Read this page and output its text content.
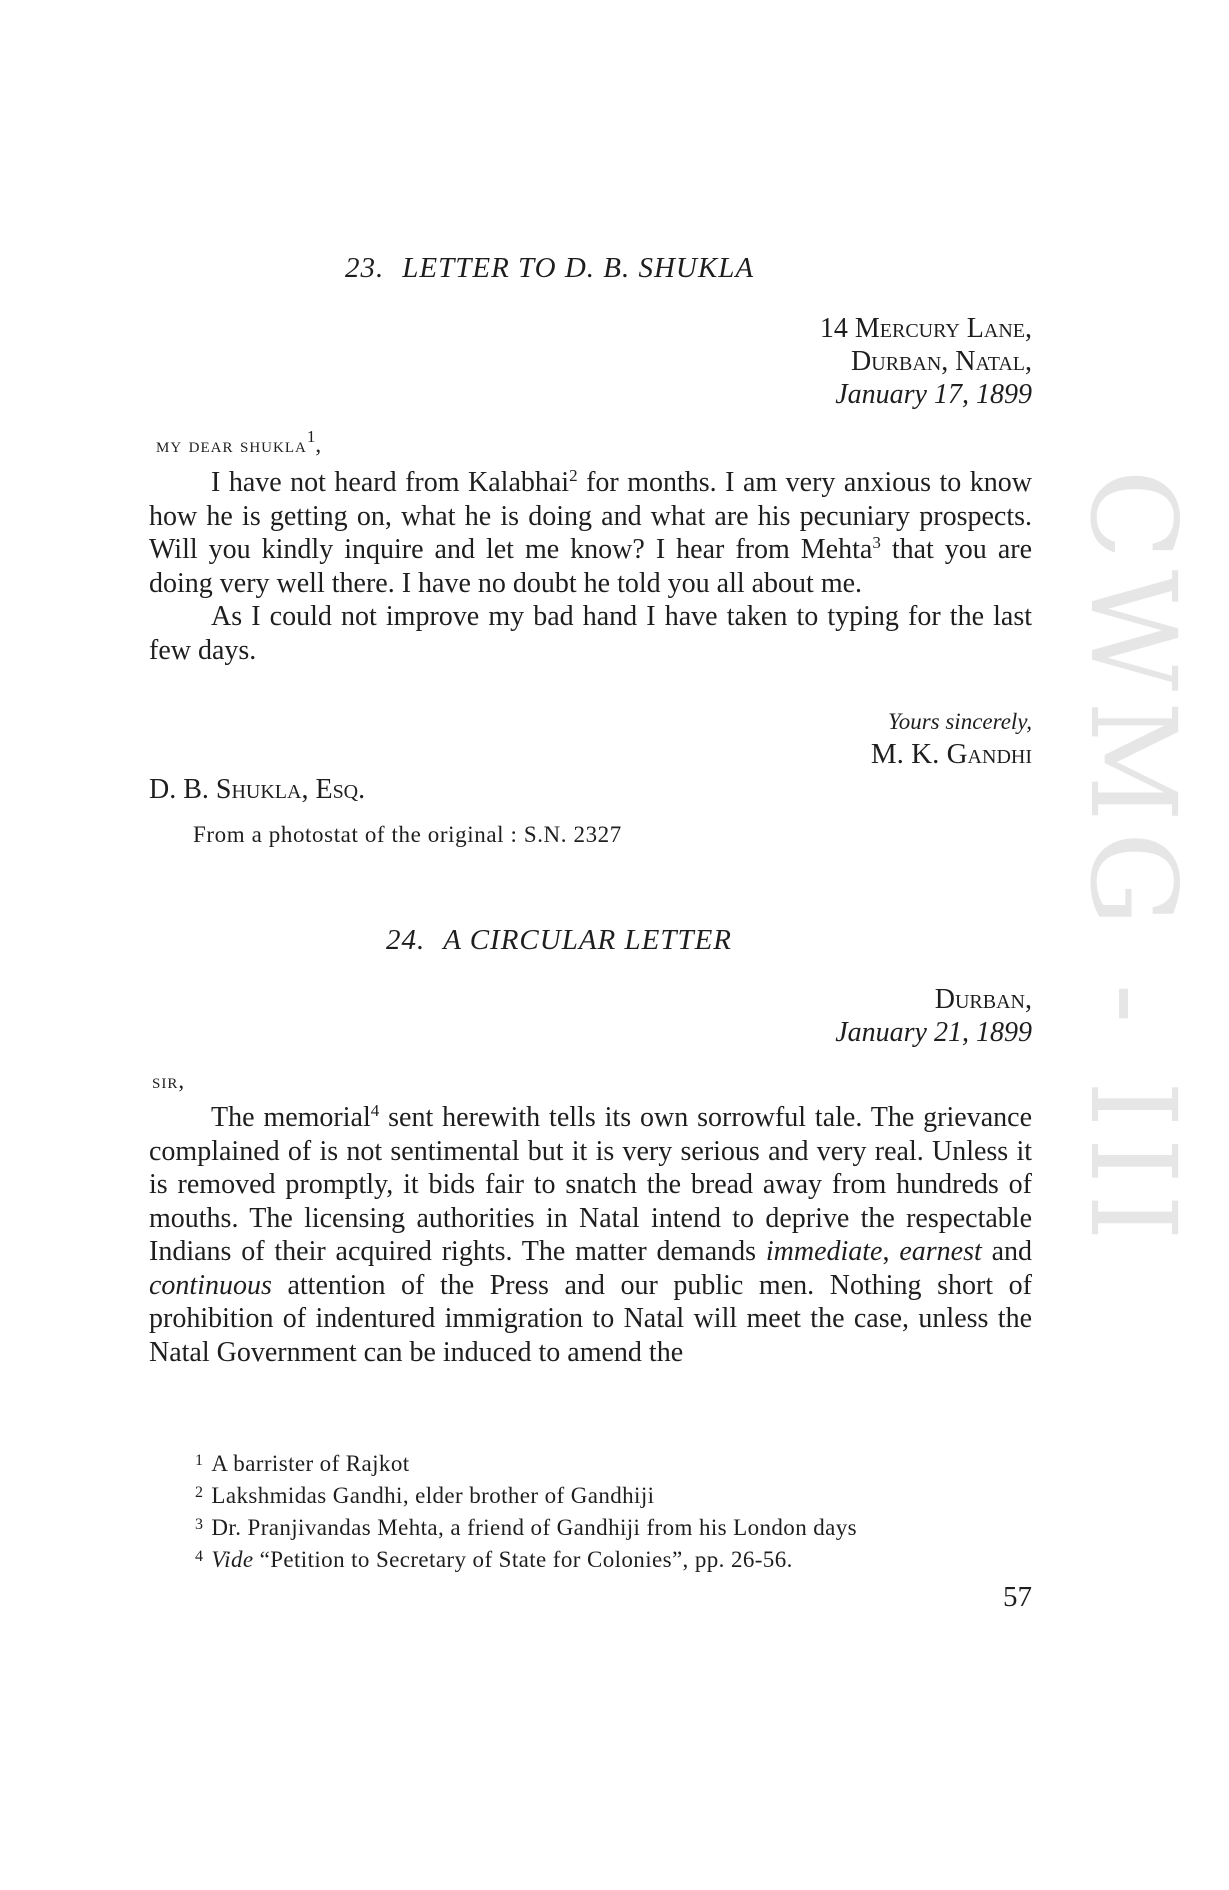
CWMG - III
23. LETTER TO D. B. SHUKLA
14 Mercury Lane,
Durban, Natal,
January 17, 1899
my dear shukla$^1$,

I have not heard from Kalabhai$^2$ for months. I am very anxious to know how he is getting on, what he is doing and what are his pecuniary prospects. Will you kindly inquire and let me know? I hear from Mehta$^3$ that you are doing very well there. I have no doubt he told you all about me.

As I could not improve my bad hand I have taken to typing for the last few days.

Yours sincerely,
M. K. Gandhi
D. B. Shukla, Esq.
From a photostat of the original : S.N. 2327
24. A CIRCULAR LETTER
Durban,
January 21, 1899
sir,

The memorial$^4$ sent herewith tells its own sorrowful tale. The grievance complained of is not sentimental but it is very serious and very real. Unless it is removed promptly, it bids fair to snatch the bread away from hundreds of mouths. The licensing authorities in Natal intend to deprive the respectable Indians of their acquired rights. The matter demands immediate, earnest and continuous attention of the Press and our public men. Nothing short of prohibition of indentured immigration to Natal will meet the case, unless the Natal Government can be induced to amend the

$^1$ A barrister of Rajkot
$^2$ Lakshmidas Gandhi, elder brother of Gandhiji
$^3$ Dr. Pranjivandas Mehta, a friend of Gandhiji from his London days
$^4$ Vide “Petition to Secretary of State for Colonies”, pp. 26-56.
57
